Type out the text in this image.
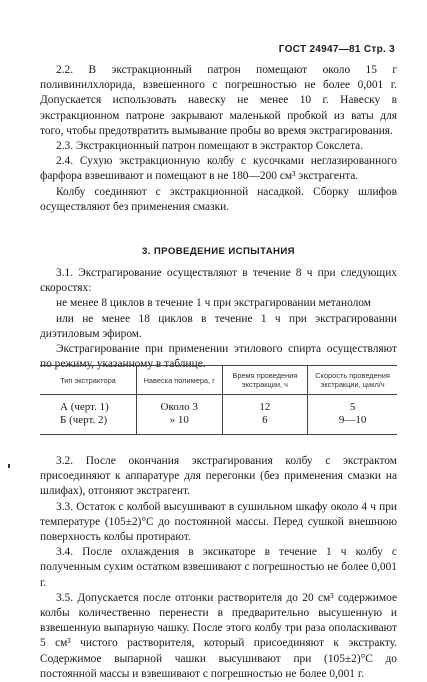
ГОСТ 24947—81 Стр. 3

2.2. В экстракционный патрон помещают около 15 г поливинилхлорида, взвешенного с погрешностью не более 0,001 г. Допускается использовать навеску не менее 10 г. Навеску в экстракционном патроне закрывают маленькой пробкой из ваты для того, чтобы предотвратить вымывание пробы во время экстрагирования.

2.3. Экстракционный патрон помещают в экстрактор Сокслета.

2.4. Сухую экстракционную колбу с кусочками неглазированного фарфора взвешивают и помещают в не 180—200 см³ экстрагента.

Колбу соединяют с экстракционной насадкой. Сборку шлифов осуществляют без применения смазки.

3. ПРОВЕДЕНИЕ ИСПЫТАНИЯ

3.1. Экстрагирование осуществляют в течение 8 ч при следующих скоростях:

не менее 8 циклов в течение 1 ч при экстрагировании метанолом

или не менее 18 циклов в течение 1 ч при экстрагировании диэтиловым эфиром.

Экстрагирование при применении этилового спирта осуществляют по режиму, указанному в таблице.

Тип экстрактора	Навеска полимера, г	Время проведения экстракции, ч	Скорость проведения экстракции, цикл/ч
А (черт. 1)	Около 3	12	5
Б (черт. 2)	» 10	6	9—10

3.2. После окончания экстрагирования колбу с экстрактом присоединяют к аппаратуре для перегонки (без применения смазки на шлифах), отгоняют экстрагент.

3.3. Остаток с колбой высушивают в сушильном шкафу около 4 ч при температуре (105±2)°С до постоянной массы. Перед сушкой внешнюю поверхность колбы протирают.

3.4. После охлаждения в эксикаторе в течение 1 ч колбу с полученным сухим остатком взвешивают с погрешностью не более 0,001 г.

3.5. Допускается после отгонки растворителя до 20 см³ содержимое колбы количественно перенести в предварительно высушенную и взвешенную выпарную чашку. После этого колбу три раза ополаскивают 5 см³ чистого растворителя, который присоединяют к экстракту. Содержимое выпарной чашки высушивают при (105±2)°С до постоянной массы и взвешивают с погрешностью не более 0,001 г.
